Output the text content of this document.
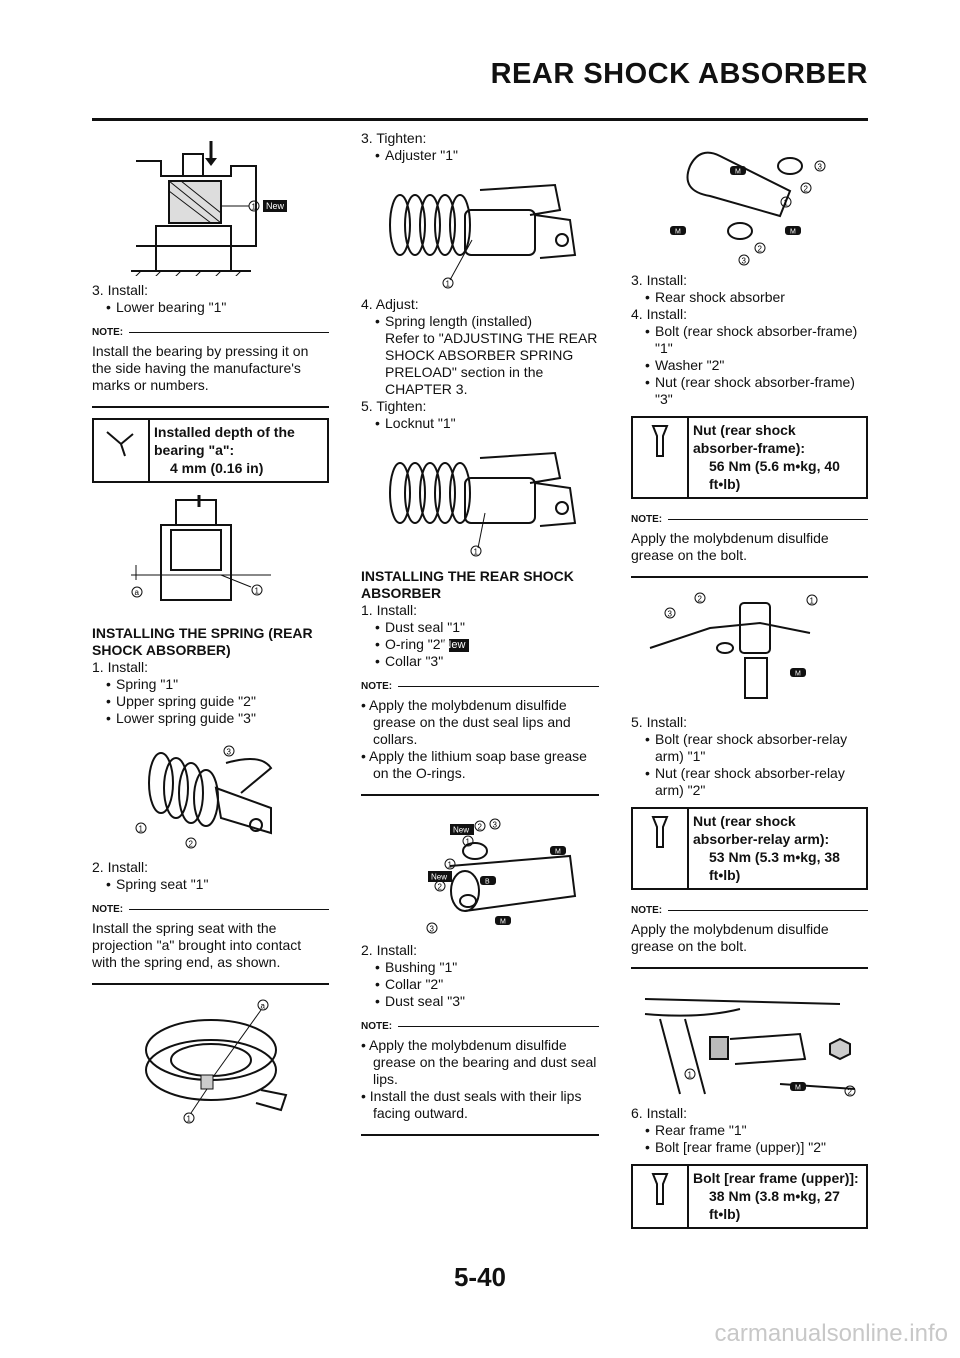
REAR SHOCK ABSORBER
1 New

3. Install:

• Lower bearing "1"

NOTE:

Install the bearing by pressing it on the side having the manufacture's marks or numbers.

Installed depth of the bearing "a":
4 mm (0.16 in)
a	1

INSTALLING THE SPRING (REAR SHOCK ABSORBER)

1. Install:

• Spring "1"

• Upper spring guide "2"

• Lower spring guide "3"

3
1
2

2. Install:

• Spring seat "1"

NOTE:

Install the spring seat with the projection "a" brought into contact with the spring end, as shown.

a
1

3. Tighten:

• Adjuster "1"

1

4. Adjust:

• Spring length (installed)

Refer to "ADJUSTING THE REAR SHOCK ABSORBER SPRING PRELOAD" section in the CHAPTER 3.

5. Tighten:

• Locknut "1"

1

INSTALLING THE REAR SHOCK ABSORBER

1. Install:

• Dust seal "1"

• O-ring "2" New

• Collar "3"

NOTE:

• Apply the molybdenum disulfide grease on the dust seal lips and collars.

• Apply the lithium soap base grease on the O-rings.

3
2
1
1
2
3
New
New
M
B
M

2. Install:

• Bushing "1"

• Collar "2"

• Dust seal "3"

NOTE:

• Apply the molybdenum disulfide grease on the bearing and dust seal lips.

• Install the dust seals with their lips facing outward.

M
M	M
3
2
1
2
3

3. Install:

• Rear shock absorber

4. Install:

• Bolt (rear shock absorber-frame) "1"

• Washer "2"

• Nut (rear shock absorber-frame) "3"

Nut (rear shock absorber-frame):
56 Nm (5.6 m•kg, 40 ft•lb)
NOTE:

Apply the molybdenum disulfide grease on the bolt.

M
3
2	1

5. Install:

• Bolt (rear shock absorber-relay arm) "1"

• Nut (rear shock absorber-relay arm) "2"

Nut (rear shock absorber-relay arm):
53 Nm (5.3 m•kg, 38 ft•lb)
NOTE:

Apply the molybdenum disulfide grease on the bolt.

M
1
2

6. Install:

• Rear frame "1"

• Bolt [rear frame (upper)] "2"

Bolt [rear frame (upper)]:
38 Nm (3.8 m•kg, 27 ft•lb)
5-40
carmanualsonline.info
